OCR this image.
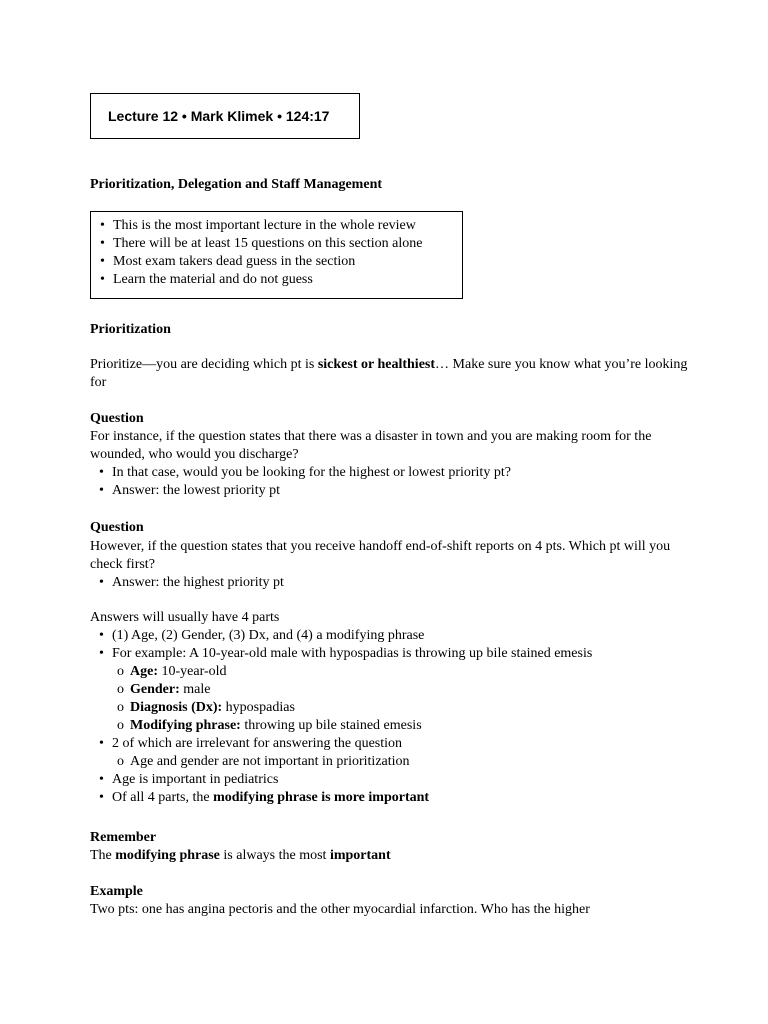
Lecture 12 • Mark Klimek • 124:17
Prioritization, Delegation and Staff Management
• This is the most important lecture in the whole review
• There will be at least 15 questions on this section alone
• Most exam takers dead guess in the section
• Learn the material and do not guess
Prioritization

Prioritize—you are deciding which pt is sickest or healthiest… Make sure you know what you’re looking for

Question

For instance, if the question states that there was a disaster in town and you are making room for the wounded, who would you discharge?

• In that case, would you be looking for the highest or lowest priority pt?
• Answer: the lowest priority pt
Question

However, if the question states that you receive handoff end-of-shift reports on 4 pts. Which pt will you check first?

• Answer: the highest priority pt

Answers will usually have 4 parts

• (1) Age, (2) Gender, (3) Dx, and (4) a modifying phrase
• For example: A 10-year-old male with hypospadias is throwing up bile stained emesis
o Age: 10-year-old
o Gender: male
o Diagnosis (Dx): hypospadias
o Modifying phrase: throwing up bile stained emesis
• 2 of which are irrelevant for answering the question
o Age and gender are not important in prioritization
• Age is important in pediatrics
• Of all 4 parts, the modifying phrase is more important
Remember

The modifying phrase is always the most important

Example

Two pts: one has angina pectoris and the other myocardial infarction. Who has the higher
